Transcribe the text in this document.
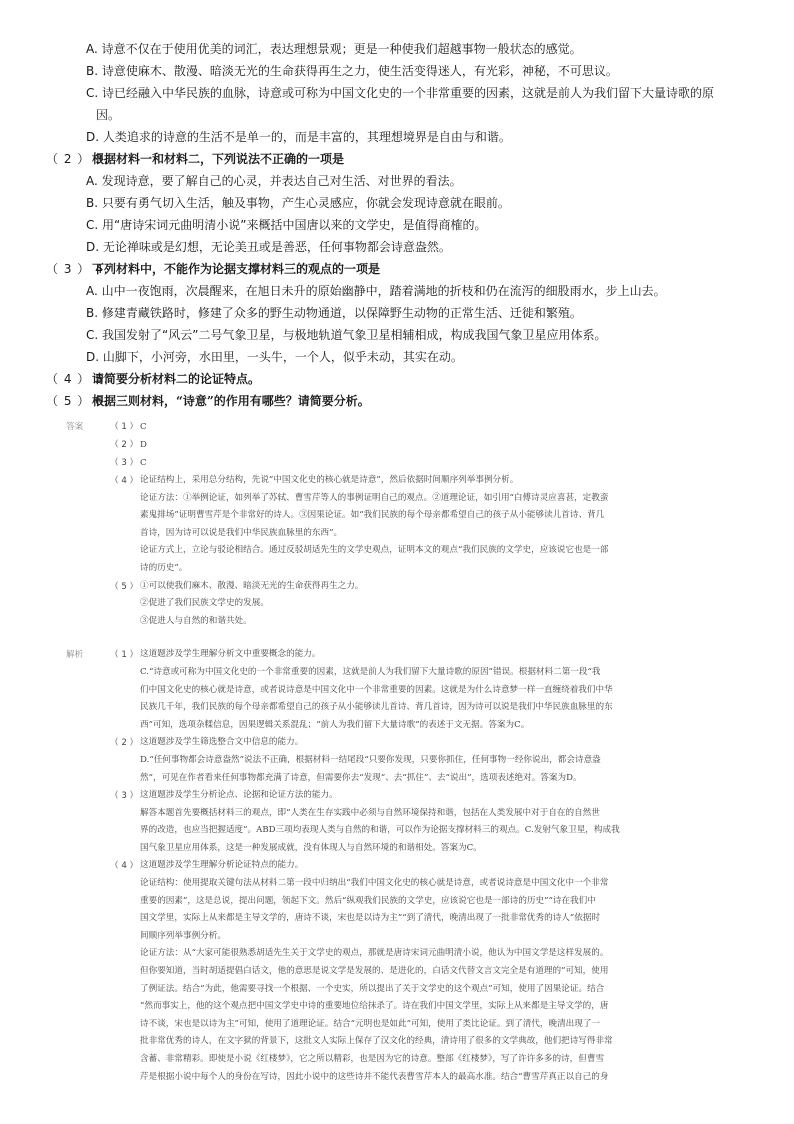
A. 诗意不仅在于使用优美的词汇，表达理想景观；更是一种使我们超越事物一般状态的感觉。
B. 诗意使麻木、散漫、暗淡无光的生命获得再生之力，使生活变得迷人，有光彩，神秘，不可思议。
C. 诗已经融入中华民族的血脉，诗意或可称为中国文化史的一个非常重要的因素，这就是前人为我们留下大量诗歌的原
因。
D. 人类追求的诗意的生活不是单一的，而是丰富的，其理想境界是自由与和谐。
（ 2 ） 3.根据材料一和材料二，下列说法不正确的一项是
A. 发现诗意，要了解自己的心灵，并表达自己对生活、对世界的看法。
B. 只要有勇气切入生活，触及事物，产生心灵感应，你就会发现诗意就在眼前。
C. 用“唐诗宋词元曲明清小说”来概括中国唐以来的文学史，是值得商榷的。
D. 无论禅味或是幻想，无论美丑或是善恶，任何事物都会诗意盎然。
（ 3 ） 4.下列材料中，不能作为论据支撑材料三的观点的一项是
A. 山中一夜饱雨，次晨醒来，在旭日未升的原始幽静中，踏着满地的折枝和仍在流泻的细股雨水，步上山去。
B. 修建青藏铁路时，修建了众多的野生动物通道，以保障野生动物的正常生活、迁徙和繁殖。
C. 我国发射了“风云”二号气象卫星，与极地轨道气象卫星相辅相成，构成我国气象卫星应用体系。
D. 山脚下，小河旁，水田里，一头牛，一个人，似乎未动，其实在动。
（ 4 ） 5.请简要分析材料二的论证特点。
（ 5 ） 6.根据三则材料，“诗意”的作用有哪些？请简要分析。
答案	（ 1 ） C
（ 2 ） D
（ 3 ） C
（ 4 ） 论证结构上，采用总分结构，先说“中国文化史的核心就是诗意”，然后依据时间顺序列举事例分析。
论证方法：①举例论证，如列举了苏轼、曹雪芹等人的事例证明自己的观点。②道理论证，如引用“白傅诗灵应喜甚，定教蛮
素鬼排场”证明曹雪芹是个非常好的诗人。③因果论证。如“我们民族的每个母亲都希望自己的孩子从小能够读儿首诗、背几
首诗，因为诗可以说是我们中华民族血脉里的东西”。
论证方式上，立论与驳论相结合。通过反驳胡适先生的文学史观点，证明本文的观点“我们民族的文学史，应该说它也是一部
诗的历史”。
（ 5 ） ①可以使我们麻木、散漫、暗淡无光的生命获得再生之力。
②促进了我们民族文学史的发展。
③促进人与自然的和谐共处。
解析	（ 1 ） 这道题涉及学生理解分析文中重要概念的能力。
C.“诗意或可称为中国文化史的一个非常重要的因素，这就是前人为我们留下大量诗歌的原因”错误。根据材料二第一段“我
们中国文化史的核心就是诗意，或者说诗意是中国文化中一个非常重要的因素。这就是为什么诗意梦一样一直缠绕着我们中华
民族几千年，我们民族的每个母亲都希望自己的孩子从小能够读儿首诗、背几首诗，因为诗可以说是我们中华民族血脉里的东
西”可知，选项杂糅信息，因果逻辑关系混乱；“前人为我们留下大量诗歌”的表述于文无据。答案为C。
（ 2 ） 这道题涉及学生筛选整合文中信息的能力。
D.“任何事物都会诗意盎然”说法不正确，根据材料一结尾段“只要你发现，只要你抓住，任何事物一经你说出，都会诗意盎
然”，可见在作者看来任何事物都充满了诗意，但需要你去“发现”、去“抓住”、去“说出”，选项表述绝对。答案为D。
（ 3 ） 这道题涉及学生分析论点、论据和论证方法的能力。
解答本题首先要概括材料三的观点，即“人类在生存实践中必须与自然环境保持和谐，包括在人类发展中对于自在的自然世
界的改造，也应当把握适度”。ABD三项均表现人类与自然的和谐，可以作为论据支撑材料三的观点。C.发射气象卫星，构成我
国气象卫星应用体系，这是一种发展成就，没有体现人与自然环境的和谐相处。答案为C。
（ 4 ） 这道题涉及学生理解分析论证特点的能力。
论证结构：使用提取关键句法从材料二第一段中归纳出“我们中国文化史的核心就是诗意，或者说诗意是中国文化中一个非常
重要的因素”，这是总说，提出问题，领起下文。然后“纵观我们民族的文学史，应该说它也是一部诗的历史”“诗在我们中
国文学里，实际上从来都是主导文学的，唐诗不谈，宋也是以诗为主”“到了清代，晚清出现了一批非常优秀的诗人”依据时
间顺序列举事例分析。
论证方法：从“大家可能很熟悉胡适先生关于文学史的观点，那就是唐诗宋词元曲明清小说，他认为中国文学是这样发展的。
但你要知道，当时胡适提倡白话文，他的意思是说文学是发展的、是进化的，白话文代替文言文完全是有道理的”可知，使用
了例证法。结合“为此，他需要寻找一个根据、一个史实，所以提出了关于文学史的这个观点”可知，使用了因果论证。结合
“然而事实上，他的这个观点把中国文学史中诗的重要地位给抹杀了。诗在我们中国文学里，实际上从来都是主导文学的，唐
诗不谈，宋也是以诗为主”可知，使用了道理论证。结合“元明也是如此”可知，使用了类比论证。到了清代，晚清出现了一
批非常优秀的诗人，在文字狱的背景下，这批文人实际上保存了汉文化的经典，清诗用了很多的文学典故，他们把诗写得非常
含蓄、非常精彩。即使是小说《红楼梦》，它之所以精彩，也是因为它的诗意。整部《红楼梦》，写了许许多多的诗，但曹雪
芹是根据小说中每个人的身份在写诗，因此小说中的这些诗并不能代表曹雪芹本人的最高水准。结合“曹雪芹真正以自己的身
